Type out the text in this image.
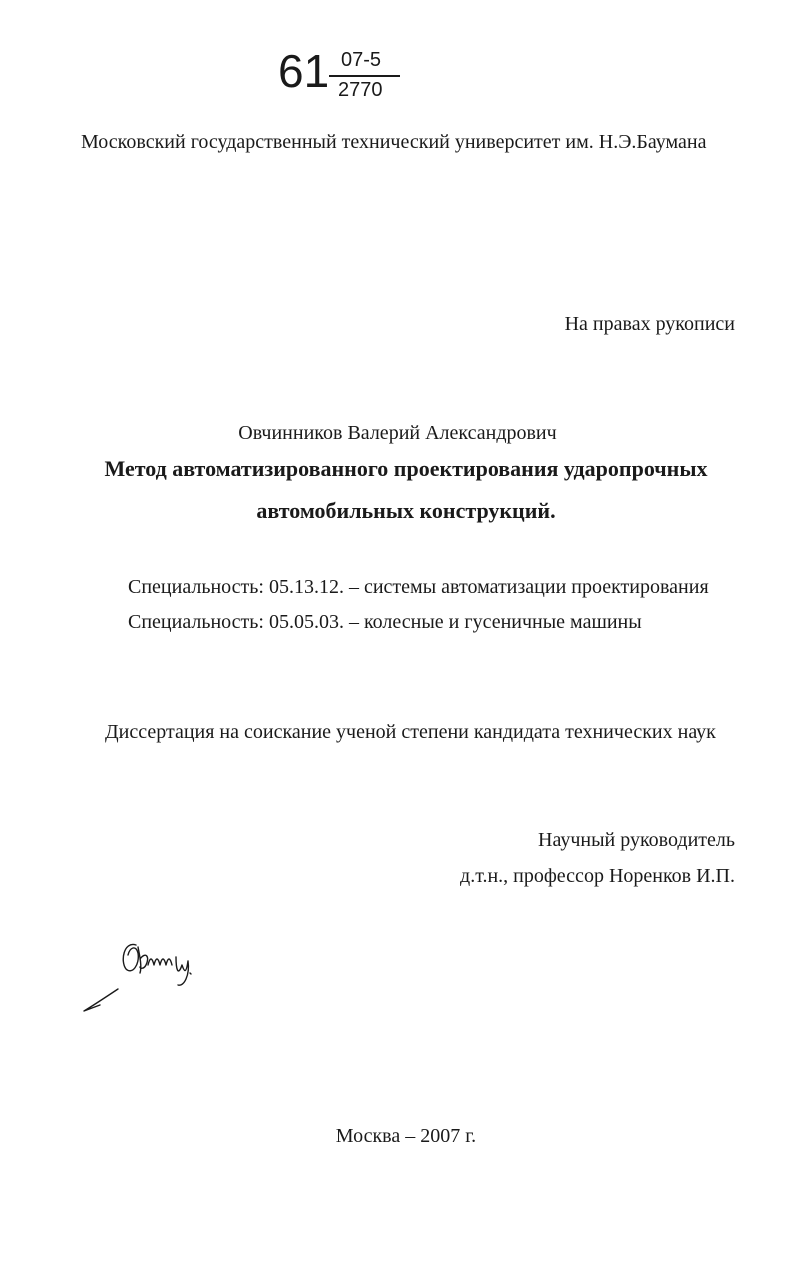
61 07-5
2770
Московский государственный технический университет им. Н.Э.Баумана
На правах рукописи
Овчинников Валерий Александрович
Метод автоматизированного проектирования ударопрочных
автомобильных конструкций.
Специальность: 05.13.12. – системы автоматизации проектирования
Специальность: 05.05.03. – колесные и гусеничные машины
Диссертация на соискание ученой степени кандидата технических наук
Научный руководитель
д.т.н., профессор Норенков И.П.
Москва – 2007 г.
